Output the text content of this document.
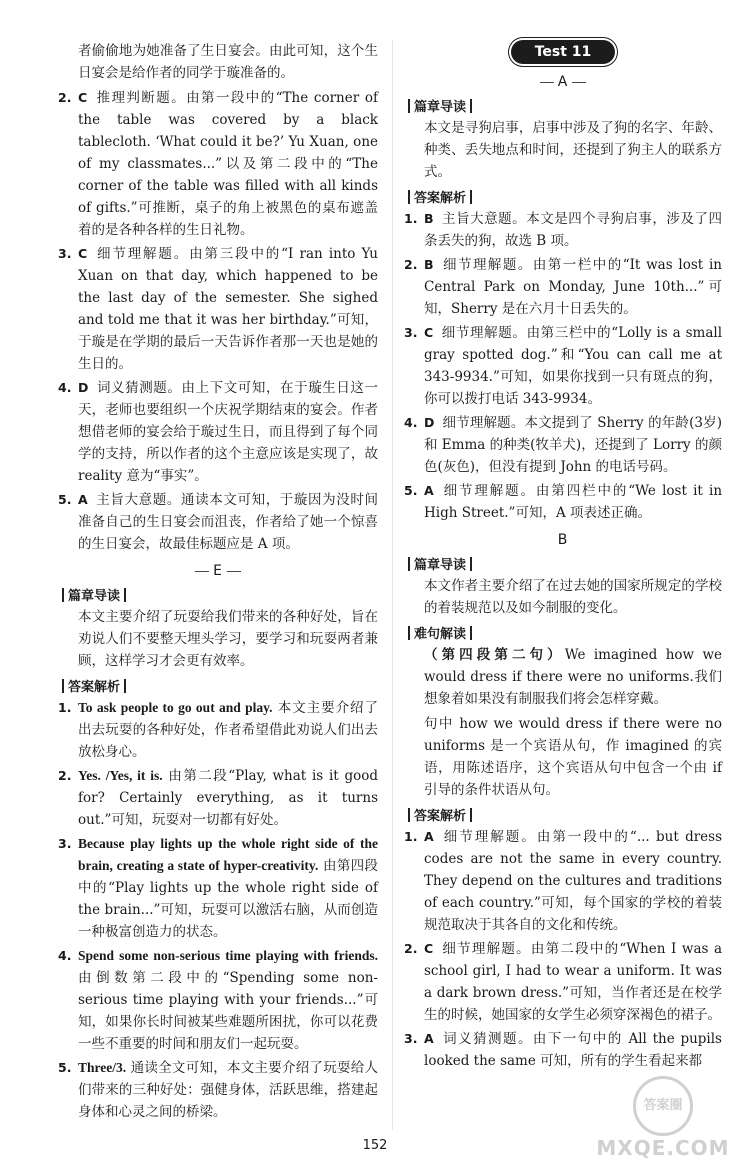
者偷偷地为她准备了生日宴会。由此可知，这个生日宴会是给作者的同学于璇准备的。

2. C 推理判断题。由第一段中的“The corner of the table was covered by a black tablecloth. ‘What could it be?’ Yu Xuan, one of my classmates...”以及第二段中的“The corner of the table was filled with all kinds of gifts.”可推断，桌子的角上被黑色的桌布遮盖着的是各种各样的生日礼物。
3. C 细节理解题。由第三段中的“I ran into Yu Xuan on that day, which happened to be the last day of the semester. She sighed and told me that it was her birthday.”可知，于璇是在学期的最后一天告诉作者那一天也是她的生日的。
4. D 词义猜测题。由上下文可知，在于璇生日这一天，老师也要组织一个庆祝学期结束的宴会。作者想借老师的宴会给于璇过生日，而且得到了每个同学的支持，所以作者的这个主意应该是实现了，故 reality 意为“事实”。
5. A 主旨大意题。通读本文可知，于璇因为没时间准备自己的生日宴会而沮丧，作者给了她一个惊喜的生日宴会，故最佳标题应是 A 项。
E
篇章导读

本文主要介绍了玩耍给我们带来的各种好处，旨在劝说人们不要整天埋头学习，要学习和玩耍两者兼顾，这样学习才会更有效率。

答案解析
1. To ask people to go out and play. 本文主要介绍了出去玩耍的各种好处，作者希望借此劝说人们出去放松身心。
2. Yes. /Yes, it is. 由第二段“Play, what is it good for? Certainly everything, as it turns out.”可知，玩耍对一切都有好处。
3. Because play lights up the whole right side of the brain, creating a state of hyper-creativity. 由第四段中的“Play lights up the whole right side of the brain...”可知，玩耍可以激活右脑，从而创造一种极富创造力的状态。
4. Spend some non-serious time playing with friends. 由倒数第二段中的“Spending some non-serious time playing with your friends...”可知，如果你长时间被某些难题所困扰，你可以花费一些不重要的时间和朋友们一起玩耍。
5. Three/3. 通读全文可知，本文主要介绍了玩耍给人们带来的三种好处：强健身体，活跃思维，搭建起身体和心灵之间的桥梁。
Test 11
A
篇章导读

本文是寻狗启事，启事中涉及了狗的名字、年龄、种类、丢失地点和时间，还提到了狗主人的联系方式。

答案解析
1. B 主旨大意题。本文是四个寻狗启事，涉及了四条丢失的狗，故选 B 项。
2. B 细节理解题。由第一栏中的“It was lost in Central Park on Monday, June 10th...”可知，Sherry 是在六月十日丢失的。
3. C 细节理解题。由第三栏中的“Lolly is a small gray spotted dog.”和“You can call me at 343-9934.”可知，如果你找到一只有斑点的狗，你可以拨打电话 343-9934。
4. D 细节理解题。本文提到了 Sherry 的年龄(3岁)和 Emma 的种类(牧羊犬)，还提到了 Lorry 的颜色(灰色)，但没有提到 John 的电话号码。
5. A 细节理解题。由第四栏中的“We lost it in High Street.”可知，A 项表述正确。
B
篇章导读

本文作者主要介绍了在过去她的国家所规定的学校的着装规范以及如今制服的变化。

难句解读

（第四段第二句）We imagined how we would dress if there were no uniforms.我们想象着如果没有制服我们将会怎样穿戴。

句中 how we would dress if there were no uniforms 是一个宾语从句，作 imagined 的宾语，用陈述语序，这个宾语从句中包含一个由 if 引导的条件状语从句。

答案解析
1. A 细节理解题。由第一段中的“... but dress codes are not the same in every country. They depend on the cultures and traditions of each country.”可知，每个国家的学校的着装规范取决于其各自的文化和传统。
2. C 细节理解题。由第二段中的“When I was a school girl, I had to wear a uniform. It was a dark brown dress.”可知，当作者还是在校学生的时候，她国家的女学生必须穿深褐色的裙子。
3. A 词义猜测题。由下一句中的 All the pupils looked the same 可知，所有的学生看起来都
152
答案圈
MXQE.COM
